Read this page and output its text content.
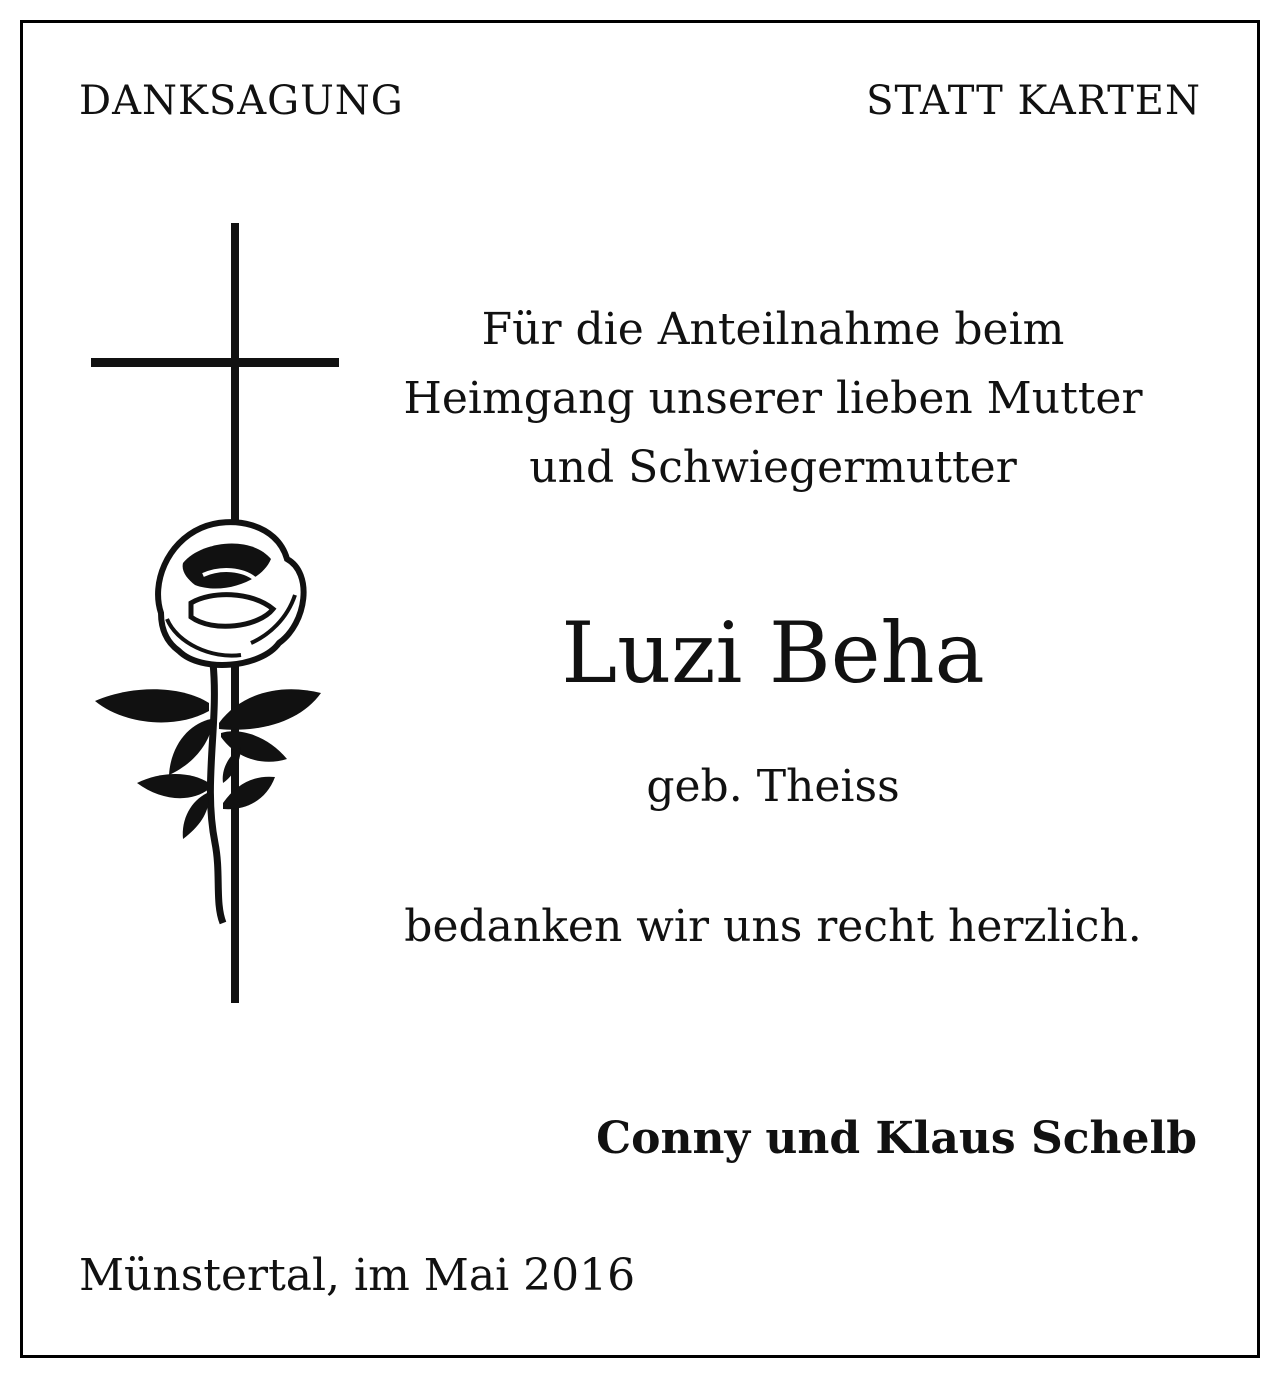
DANKSAGUNG	STATT KARTEN
Für die Anteilnahme beim
Heimgang unserer lieben Mutter
und Schwiegermutter
Luzi Beha
geb. Theiss
bedanken wir uns recht herzlich.
Conny und Klaus Schelb
Münstertal, im Mai 2016
